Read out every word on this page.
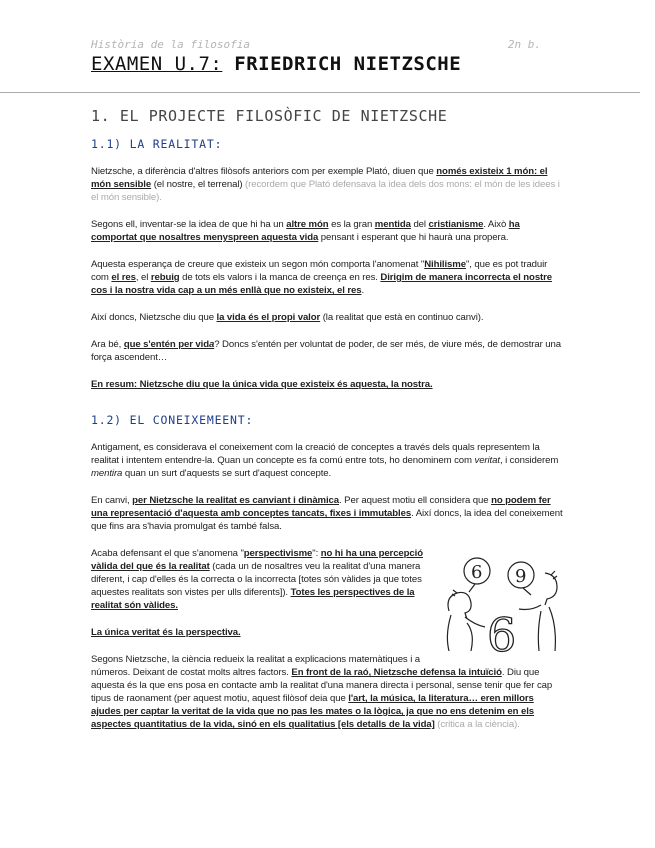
Història de la filosofia	2n b.
EXAMEN U.7: FRIEDRICH NIETZSCHE
1. EL PROJECTE FILOSÒFIC DE NIETZSCHE
1.1) LA REALITAT:

Nietzsche, a diferència d'altres filòsofs anteriors com per exemple Plató, diuen que només existeix 1 món: el món sensible (el nostre, el terrenal) (recordem que Plató defensava la idea dels dos mons: el món de les idees i el món sensible).

Segons ell, inventar-se la idea de que hi ha un altre món es la gran mentida del cristianisme. Això ha comportat que nosaltres menyspreen aquesta vida pensant i esperant que hi haurà una propera.

Aquesta esperança de creure que existeix un segon món comporta l'anomenat "Nihilisme", que es pot traduir com el res, el rebuig de tots els valors i la manca de creença en res. Dirigim de manera incorrecta el nostre cos i la nostra vida cap a un més enllà que no existeix, el res.

Així doncs, Nietzsche diu que la vida és el propi valor (la realitat que està en continuo canvi).

Ara bé, que s'entén per vida? Doncs s'entén per voluntat de poder, de ser més, de viure més, de demostrar una força ascendent…

En resum: Nietzsche diu que la única vida que existeix és aquesta, la nostra.

1.2) EL CONEIXEMEENT:

Antigament, es considerava el coneixement com la creació de conceptes a través dels quals representem la realitat i intentem entendre-la. Quan un concepte es fa comú entre tots, ho denominem com veritat, i considerem mentira quan un surt d'aquests se surt d'aquest concepte.

En canvi, per Nietzsche la realitat es canviant i dinàmica. Per aquest motiu ell considera que no podem fer una representació d'aquesta amb conceptes tancats, fixes i immutables. Així doncs, la idea del coneixement que fins ara s'havia promulgat és també falsa.

6 9
6

Acaba defensant el que s'anomena "perspectivisme": no hi ha una percepció vàlida del que és la realitat (cada un de nosaltres veu la realitat d'una manera diferent, i cap d'elles és la correcta o la incorrecta [totes són vàlides ja que totes aquestes realitats son vistes per ulls diferents]). Totes les perspectives de la realitat són vàlides.

La única veritat és la perspectiva.

Segons Nietzsche, la ciència redueix la realitat a explicacions matemàtiques i a números. Deixant de costat molts altres factors. En front de la raó, Nietzsche defensa la intuïció. Diu que aquesta és la que ens posa en contacte amb la realitat d'una manera directa i personal, sense tenir que fer cap tipus de raonament (per aquest motiu, aquest filòsof deia que l'art, la música, la literatura… eren millors ajudes per captar la veritat de la vida que no pas les mates o la lògica, ja que no ens detenim en els aspectes quantitatius de la vida, sinó en els qualitatius [els detalls de la vida] (critica a la ciència).
